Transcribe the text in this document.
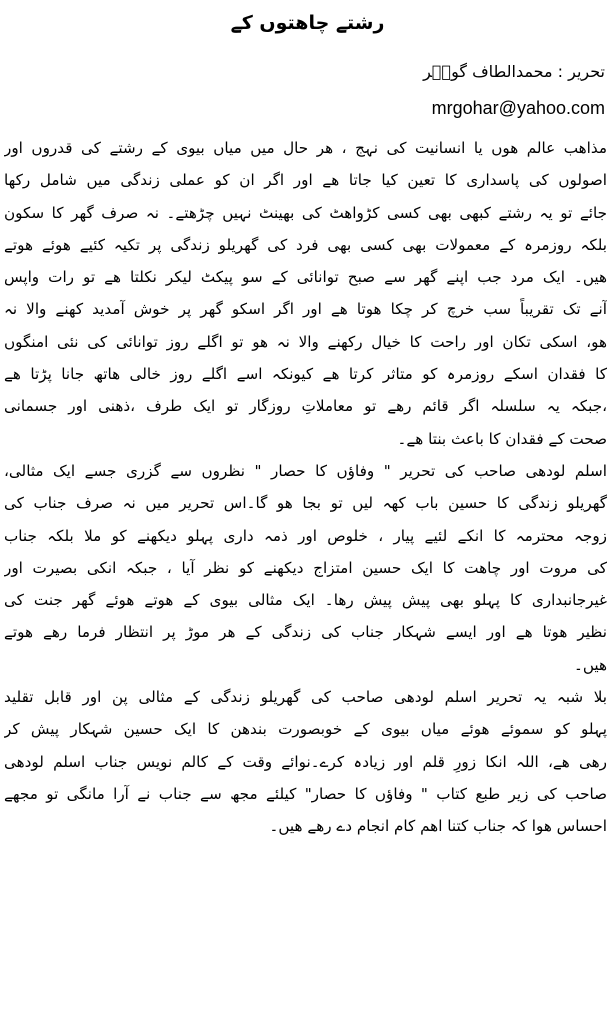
رشتے چاھتوں کے
تحریر : محمدالطاف گوہؔر
mrgohar@yahoo.com
مذاھب عالم ھوں یا انسانیت کی نہج ، ھر حال میں میاں بیوی کے رشتے کی قدروں اور
اصولوں کی پاسداری کا تعین کیا جاتا ھے اور اگر ان کو عملی زندگی میں شامل رکھا
جائے تو یہ رشتے کبھی بھی کسی کڑواھٹ کی بھینٹ نہیں چڑھتے۔ نہ صرف گھر کا سکون
بلکہ روزمرہ کے معمولات بھی کسی بھی فرد کی گھریلو زندگی پر تکیہ کئیے ھوئے ھوتے
ھیں۔ ایک مرد جب اپنے گھر سے صبح توانائی کے سو پیکٹ لیکر نکلتا ھے تو رات واپس
آنے تک تقریباً سب خرچ کر چکا ھوتا ھے اور اگر اسکو گھر پر خوش آمدید کھنے والا نہ
ھو، اسکی تکان اور راحت کا خیال رکھنے والا نہ ھو تو اگلے روز توانائی کی نئی امنگوں
کا فقدان اسکے روزمرہ کو متاثر کرتا ھے کیونکہ اسے اگلے روز خالی ھاتھ جانا پڑتا ھے
،جبکہ یہ سلسلہ اگر قائم رھے تو معاملاتِ روزگار تو ایک طرف ،ذھنی اور جسمانی
صحت کے فقدان کا باعث بنتا ھے۔
اسلم لودھی صاحب کی تحریر " وفاؤں کا حصار " نظروں سے گزری جسے ایک مثالی،
گھریلو زندگی کا حسین باب کھہ لیں تو بجا ھو گا۔اس تحریر میں نہ صرف جناب کی
زوجہ محترمہ کا انکے لئیے پیار ، خلوص اور ذمہ داری پہلو دیکھنے کو ملا بلکہ جناب
کی مروت اور چاھت کا ایک حسین امتزاج دیکھنے کو نظر آیا ، جبکہ انکی بصیرت اور
غیرجانبداری کا پہلو بھی پیش پیش رھا۔ ایک مثالی بیوی کے ھوتے ھوئے گھر جنت کی
نظیر ھوتا ھے اور ایسے شہکار جناب کی زندگی کے ھر موڑ پر انتظار فرما رھے ھوتے
ھیں۔
بلا شبہ یہ تحریر اسلم لودھی صاحب کی گھریلو زندگی کے مثالی پن اور قابل تقلید
پہلو کو سموئے ھوئے میاں بیوی کے خوبصورت بندھن کا ایک حسین شہکار پیش کر
رھی ھے، اللہ انکا زورِ قلم اور زیادہ کرے۔نوائے وقت کے کالم نویس جناب اسلم لودھی
صاحب کی زیر طبع کتاب " وفاؤں کا حصار" کیلئے مجھ سے جناب نے آرا مانگی تو مجھے
احساس ھوا کہ جناب کتنا اھم کام انجام دے رھے ھیں۔
